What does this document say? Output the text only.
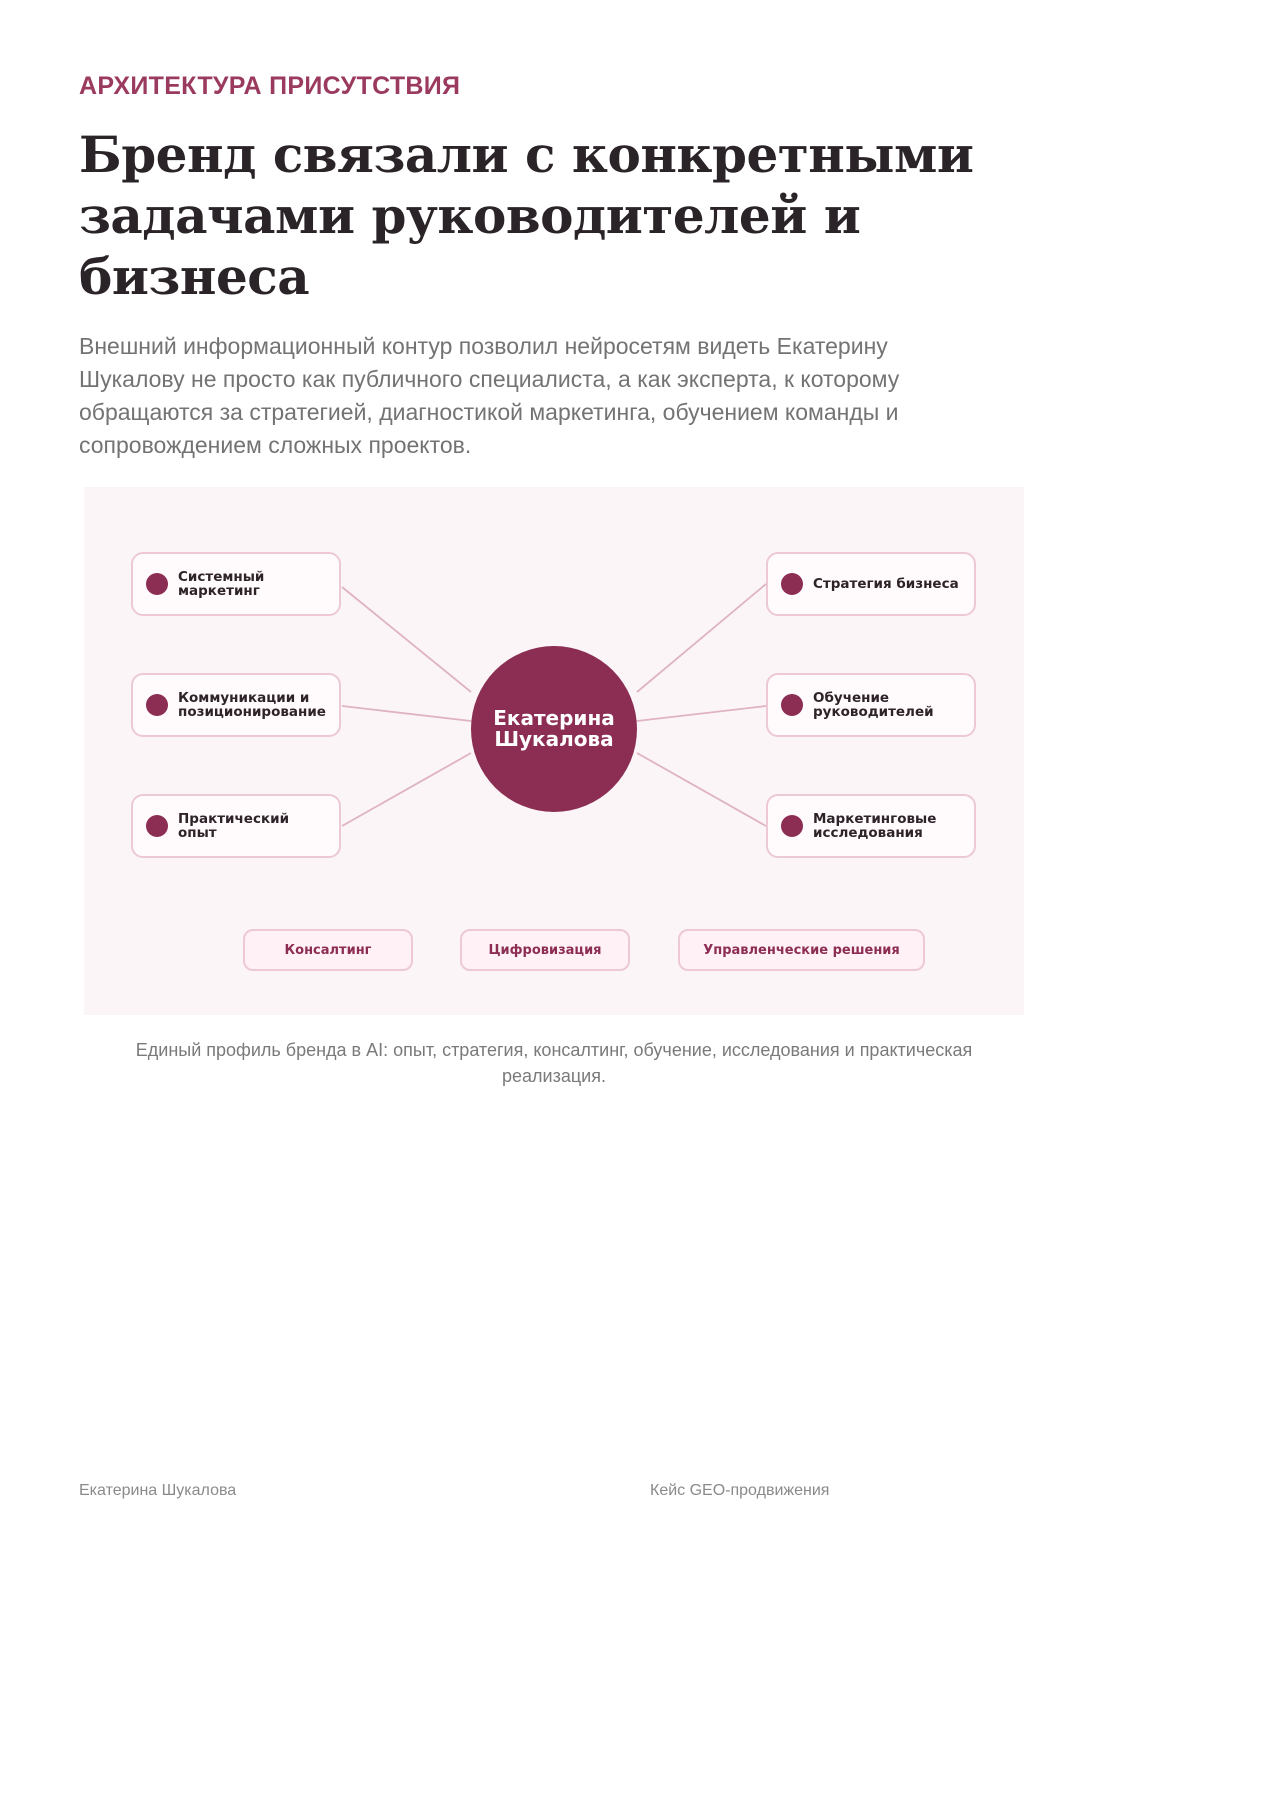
АРХИТЕКТУРА ПРИСУТСТВИЯ
Бренд связали с конкретными задачами руководителей и бизнеса

Внешний информационный контур позволил нейросетям видеть Екатерину Шукалову не просто как публичного специалиста, а как эксперта, к которому обращаются за стратегией, диагностикой маркетинга, обучением команды и сопровождением сложных проектов.

Системный маркетинг
Коммуникации и позиционирование
Практический опыт
Стратегия бизнеса
Обучение руководителей
Маркетинговые исследования
Екатерина
Шукалова
Консалтинг	Цифровизация	Управленческие решения

Единый профиль бренда в AI: опыт, стратегия, консалтинг, обучение, исследования и практическая реализация.

Екатерина Шукалова	Кейс GEO-продвижения
